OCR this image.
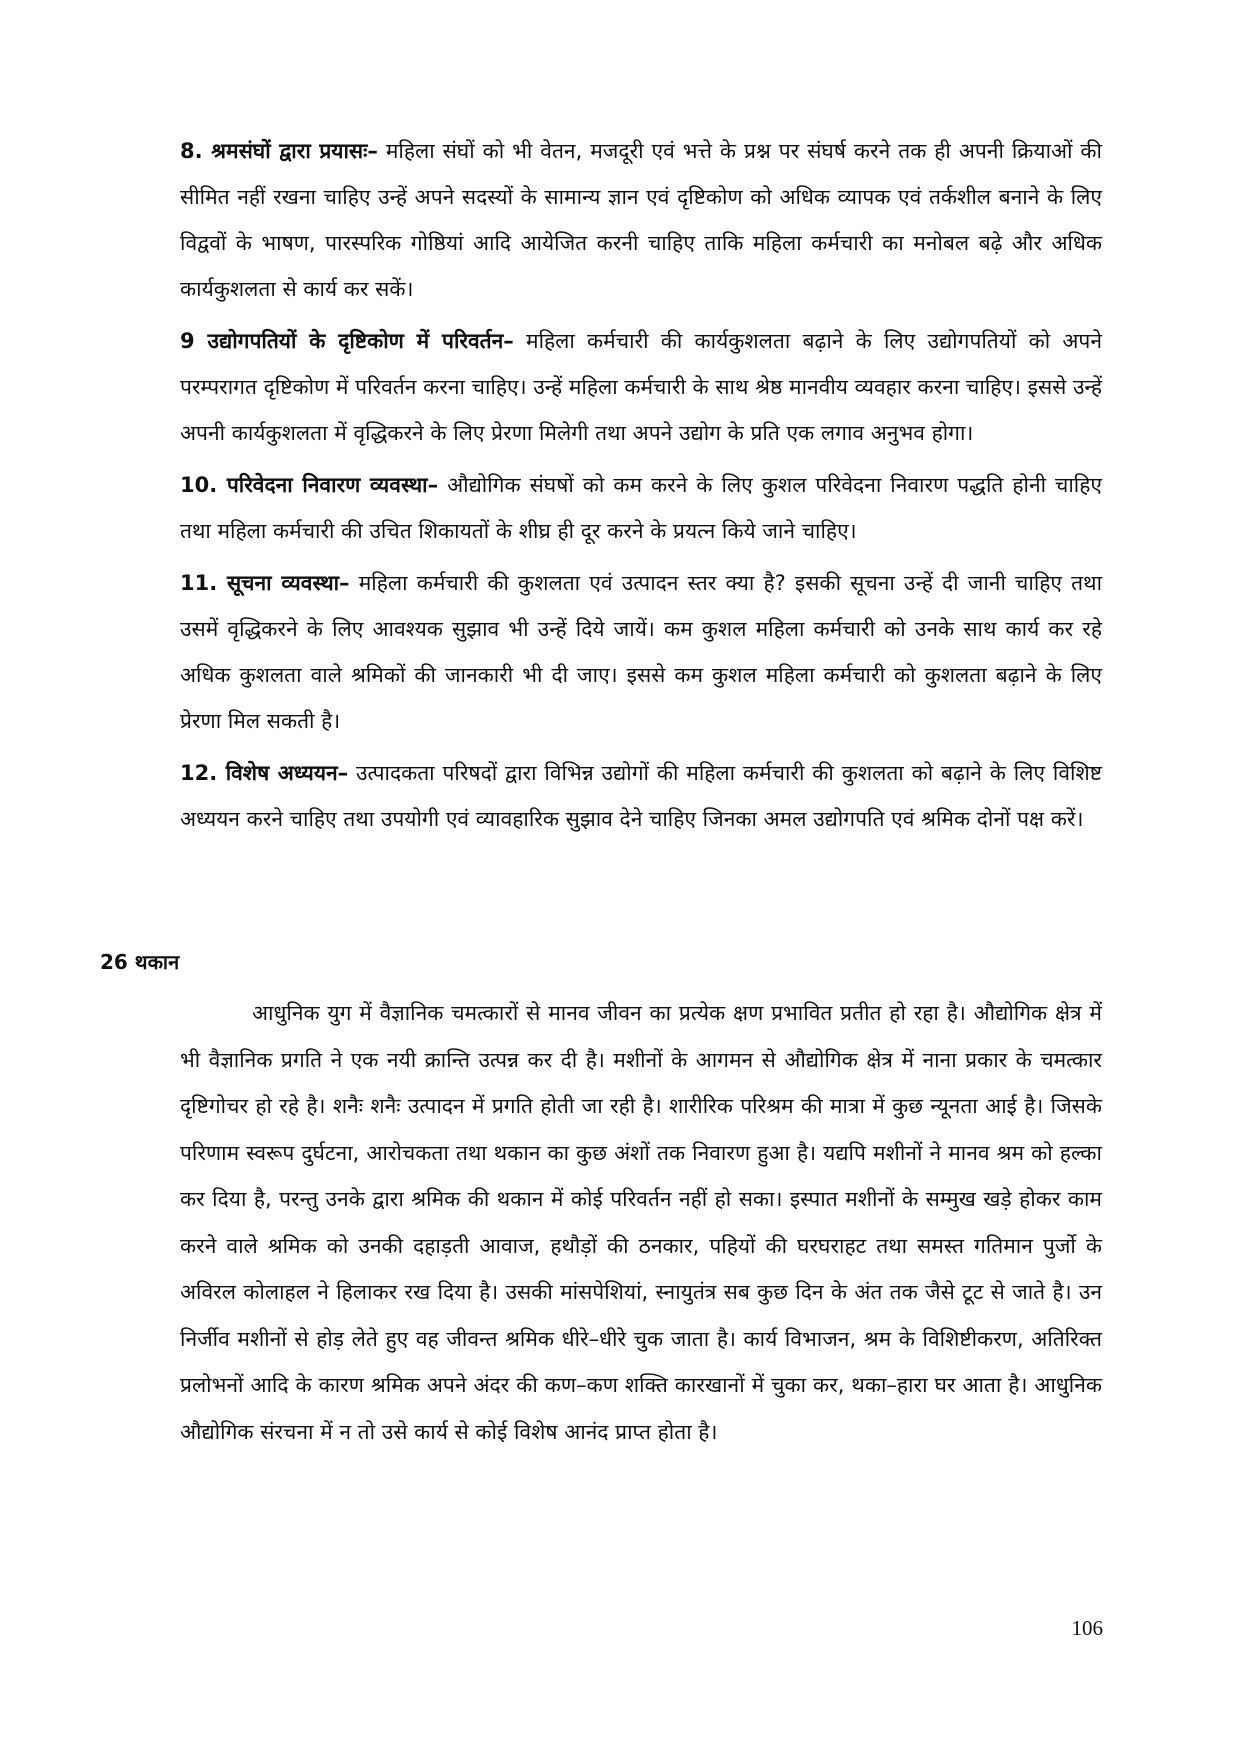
8. श्रमसंघों द्वारा प्रयासः– महिला संघों को भी वेतन, मजदूरी एवं भत्ते के प्रश्न पर संघर्ष करने तक ही अपनी क्रियाओं की सीमित नहीं रखना चाहिए उन्हें अपने सदस्यों के सामान्य ज्ञान एवं दृष्टिकोण को अधिक व्यापक एवं तर्कशील बनाने के लिए विद्ववों के भाषण, पारस्परिक गोष्ठियां आदि आयेजित करनी चाहिए ताकि महिला कर्मचारी का मनोबल बढ़े और अधिक कार्यकुशलता से कार्य कर सकें।

9 उद्योगपतियों के दृष्टिकोण में परिवर्तन– महिला कर्मचारी की कार्यकुशलता बढ़ाने के लिए उद्योगपतियों को अपने परम्परागत दृष्टिकोण में परिवर्तन करना चाहिए। उन्हें महिला कर्मचारी के साथ श्रेष्ठ मानवीय व्यवहार करना चाहिए। इससे उन्हें अपनी कार्यकुशलता में वृद्धिकरने के लिए प्रेरणा मिलेगी तथा अपने उद्योग के प्रति एक लगाव अनुभव होगा।

10. परिवेदना निवारण व्यवस्था– औद्योगिक संघषों को कम करने के लिए कुशल परिवेदना निवारण पद्धति होनी चाहिए तथा महिला कर्मचारी की उचित शिकायतों के शीघ्र ही दूर करने के प्रयत्न किये जाने चाहिए।

11. सूचना व्यवस्था– महिला कर्मचारी की कुशलता एवं उत्पादन स्तर क्या है? इसकी सूचना उन्हें दी जानी चाहिए तथा उसमें वृद्धिकरने के लिए आवश्यक सुझाव भी उन्हें दिये जायें। कम कुशल महिला कर्मचारी को उनके साथ कार्य कर रहे अधिक कुशलता वाले श्रमिकों की जानकारी भी दी जाए। इससे कम कुशल महिला कर्मचारी को कुशलता बढ़ाने के लिए प्रेरणा मिल सकती है।

12. विशेष अध्ययन– उत्पादकता परिषदों द्वारा विभिन्न उद्योगों की महिला कर्मचारी की कुशलता को बढ़ाने के लिए विशिष्ट अध्ययन करने चाहिए तथा उपयोगी एवं व्यावहारिक सुझाव देने चाहिए जिनका अमल उद्योगपति एवं श्रमिक दोनों पक्ष करें।

26 थकान

आधुनिक युग में वैज्ञानिक चमत्कारों से मानव जीवन का प्रत्येक क्षण प्रभावित प्रतीत हो रहा है। औद्योगिक क्षेत्र में भी वैज्ञानिक प्रगति ने एक नयी क्रान्ति उत्पन्न कर दी है। मशीनों के आगमन से औद्योगिक क्षेत्र में नाना प्रकार के चमत्कार दृष्टिगोचर हो रहे है। शनैः शनैः उत्पादन में प्रगति होती जा रही है। शारीरिक परिश्रम की मात्रा में कुछ न्यूनता आई है। जिसके परिणाम स्वरूप दुर्घटना, आरोचकता तथा थकान का कुछ अंशों तक निवारण हुआ है। यद्यपि मशीनों ने मानव श्रम को हल्का कर दिया है, परन्तु उनके द्वारा श्रमिक की थकान में कोई परिवर्तन नहीं हो सका। इस्पात मशीनों के सम्मुख खड़े होकर काम करने वाले श्रमिक को उनकी दहाड़ती आवाज, हथौड़ों की ठनकार, पहियों की घरघराहट तथा समस्त गतिमान पुर्जो के अविरल कोलाहल ने हिलाकर रख दिया है। उसकी मांसपेशियां, स्नायुतंत्र सब कुछ दिन के अंत तक जैसे टूट से जाते है। उन निर्जीव मशीनों से होड़ लेते हुए वह जीवन्त श्रमिक धीरे–धीरे चुक जाता है। कार्य विभाजन, श्रम के विशिष्टीकरण, अतिरिक्त प्रलोभनों आदि के कारण श्रमिक अपने अंदर की कण–कण शक्ति कारखानों में चुका कर, थका–हारा घर आता है। आधुनिक औद्योगिक संरचना में न तो उसे कार्य से कोई विशेष आनंद प्राप्त होता है।

106
